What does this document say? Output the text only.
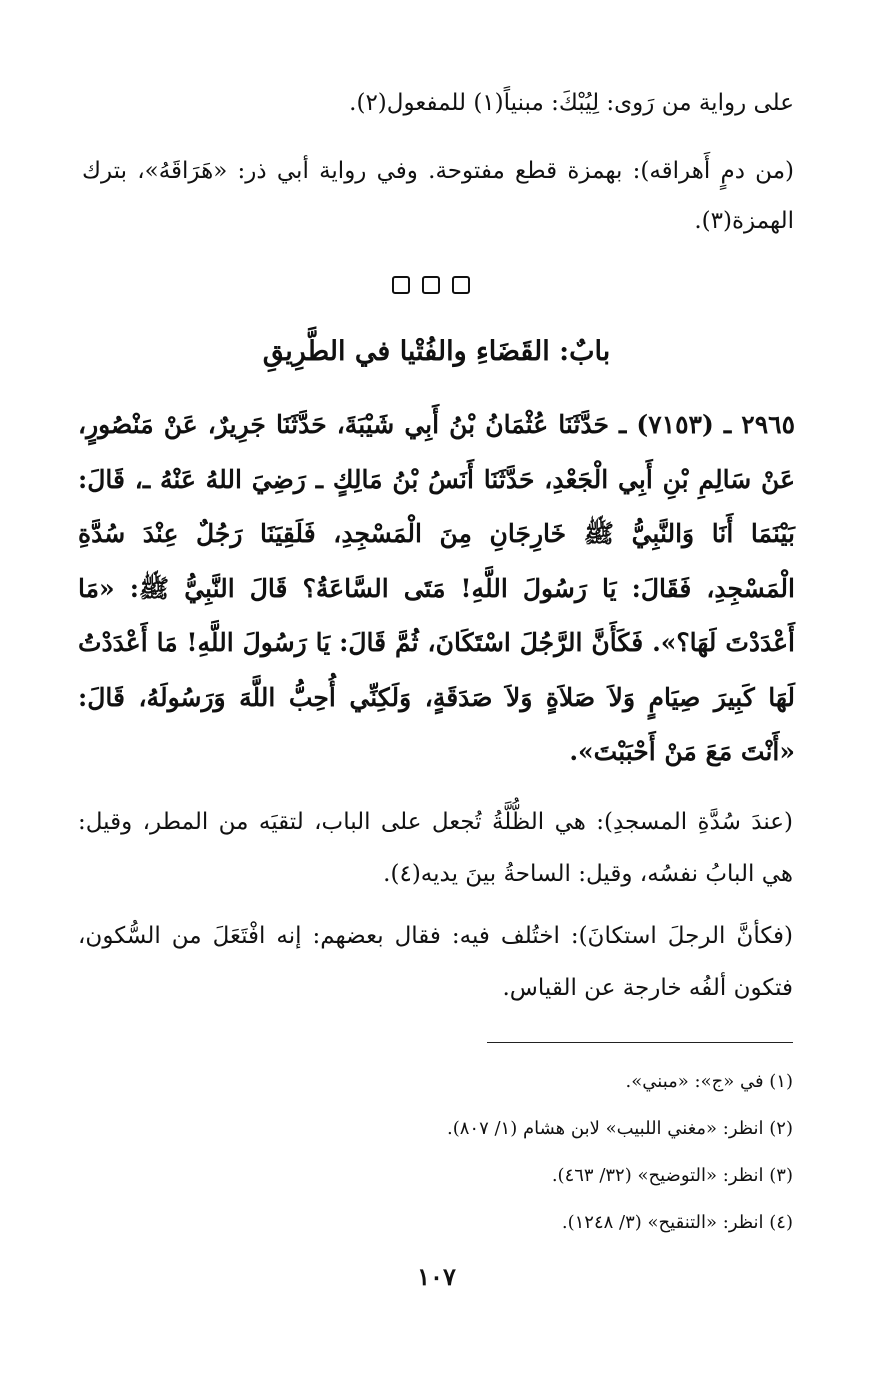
على رواية من رَوى: لِيُبْكَ: مبنياً(١) للمفعول(٢).

(من دمٍ أَهراقه): بهمزة قطع مفتوحة. وفي رواية أبي ذر: «هَرَاقَهُ»، بترك الهمزة(٣).

بابٌ: القَضَاءِ والفُتْيا في الطَّرِيقِ
٢٩٦٥ ـ (٧١٥٣) ـ حَدَّثَنَا عُثْمَانُ بْنُ أَبِي شَيْبَةَ، حَدَّثَنَا جَرِيرٌ، عَنْ مَنْصُورٍ، عَنْ سَالِمِ بْنِ أَبِي الْجَعْدِ، حَدَّثَنَا أَنَسُ بْنُ مَالِكٍ ـ رَضِيَ اللهُ عَنْهُ ـ، قَالَ: بَيْنَمَا أَنَا وَالنَّبِيُّ ﷺ خَارِجَانِ مِنَ الْمَسْجِدِ، فَلَقِيَنَا رَجُلٌ عِنْدَ سُدَّةِ الْمَسْجِدِ، فَقَالَ: يَا رَسُولَ اللَّهِ! مَتَى السَّاعَةُ؟ قَالَ النَّبِيُّ ﷺ: «مَا أَعْدَدْتَ لَهَا؟». فَكَأَنَّ الرَّجُلَ اسْتَكَانَ، ثُمَّ قَالَ: يَا رَسُولَ اللَّهِ! مَا أَعْدَدْتُ لَهَا كَبِيرَ صِيَامٍ وَلاَ صَلاَةٍ وَلاَ صَدَقَةٍ، وَلَكِنِّي أُحِبُّ اللَّهَ وَرَسُولَهُ، قَالَ: «أَنْتَ مَعَ مَنْ أَحْبَبْتَ».
(عندَ سُدَّةِ المسجدِ): هي الظُّلَّةُ تُجعل على الباب، لتقيَه من المطر، وقيل: هي البابُ نفسُه، وقيل: الساحةُ بينَ يديه(٤).
(فكأنَّ الرجلَ استكانَ): اختُلف فيه: فقال بعضهم: إنه افْتَعَلَ من السُّكون، فتكون ألفُه خارجة عن القياس.
(١) في «ج»: «مبني».
(٢) انظر: «مغني اللبيب» لابن هشام (١/ ٨٠٧).
(٣) انظر: «التوضيح» (٣٢/ ٤٦٣).
(٤) انظر: «التنقيح» (٣/ ١٢٤٨).
١٠٧
